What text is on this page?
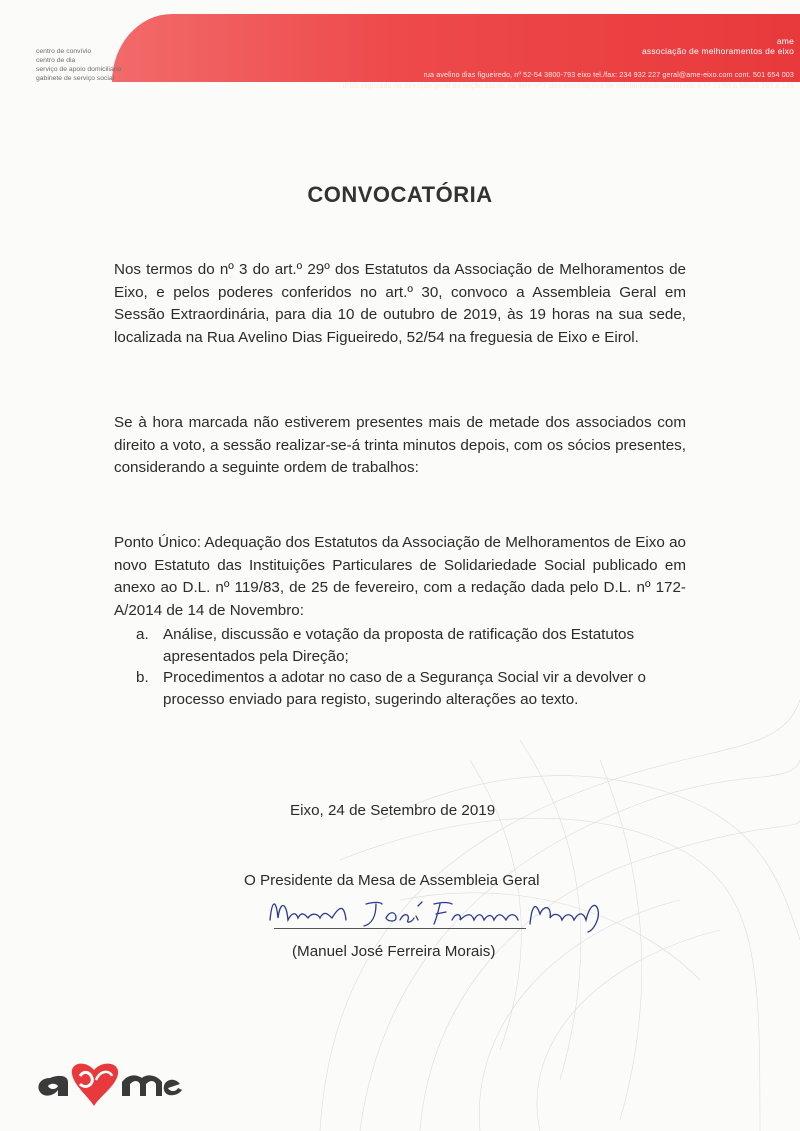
ame
associação de melhoramentos de eixo
rua avelino dias figueiredo, nº 52-54 3800-793 eixo tel./fax: 234 932 227 geral@ame-eixo.com cont. 501 654 003
IPSS registada na direcção geral da acção social, no livro nº 7 das associações de solidariedade social sob o nº 23/98 a folhas 107 a 125
centro de convívio
centro de dia
serviço de apoio domiciliário
gabinete de serviço social
CONVOCATÓRIA
Nos termos do nº 3 do art.º 29º dos Estatutos da Associação de Melhoramentos de Eixo, e pelos poderes conferidos no art.º 30, convoco a Assembleia Geral em Sessão Extraordinária, para dia 10 de outubro de 2019, às 19 horas na sua sede, localizada na Rua Avelino Dias Figueiredo, 52/54 na freguesia de Eixo e Eirol.
Se à hora marcada não estiverem presentes mais de metade dos associados com direito a voto, a sessão realizar-se-á trinta minutos depois, com os sócios presentes, considerando a seguinte ordem de trabalhos:
Ponto Único: Adequação dos Estatutos da Associação de Melhoramentos de Eixo ao novo Estatuto das Instituições Particulares de Solidariedade Social publicado em anexo ao D.L. nº 119/83, de 25 de fevereiro, com a redação dada pelo D.L. nº 172-A/2014 de 14 de Novembro:
a. Análise, discussão e votação da proposta de ratificação dos Estatutos apresentados pela Direção;
b. Procedimentos a adotar no caso de a Segurança Social vir a devolver o processo enviado para registo, sugerindo alterações ao texto.
Eixo, 24 de Setembro de 2019
O Presidente da Mesa de Assembleia Geral
(Manuel José Ferreira Morais)
